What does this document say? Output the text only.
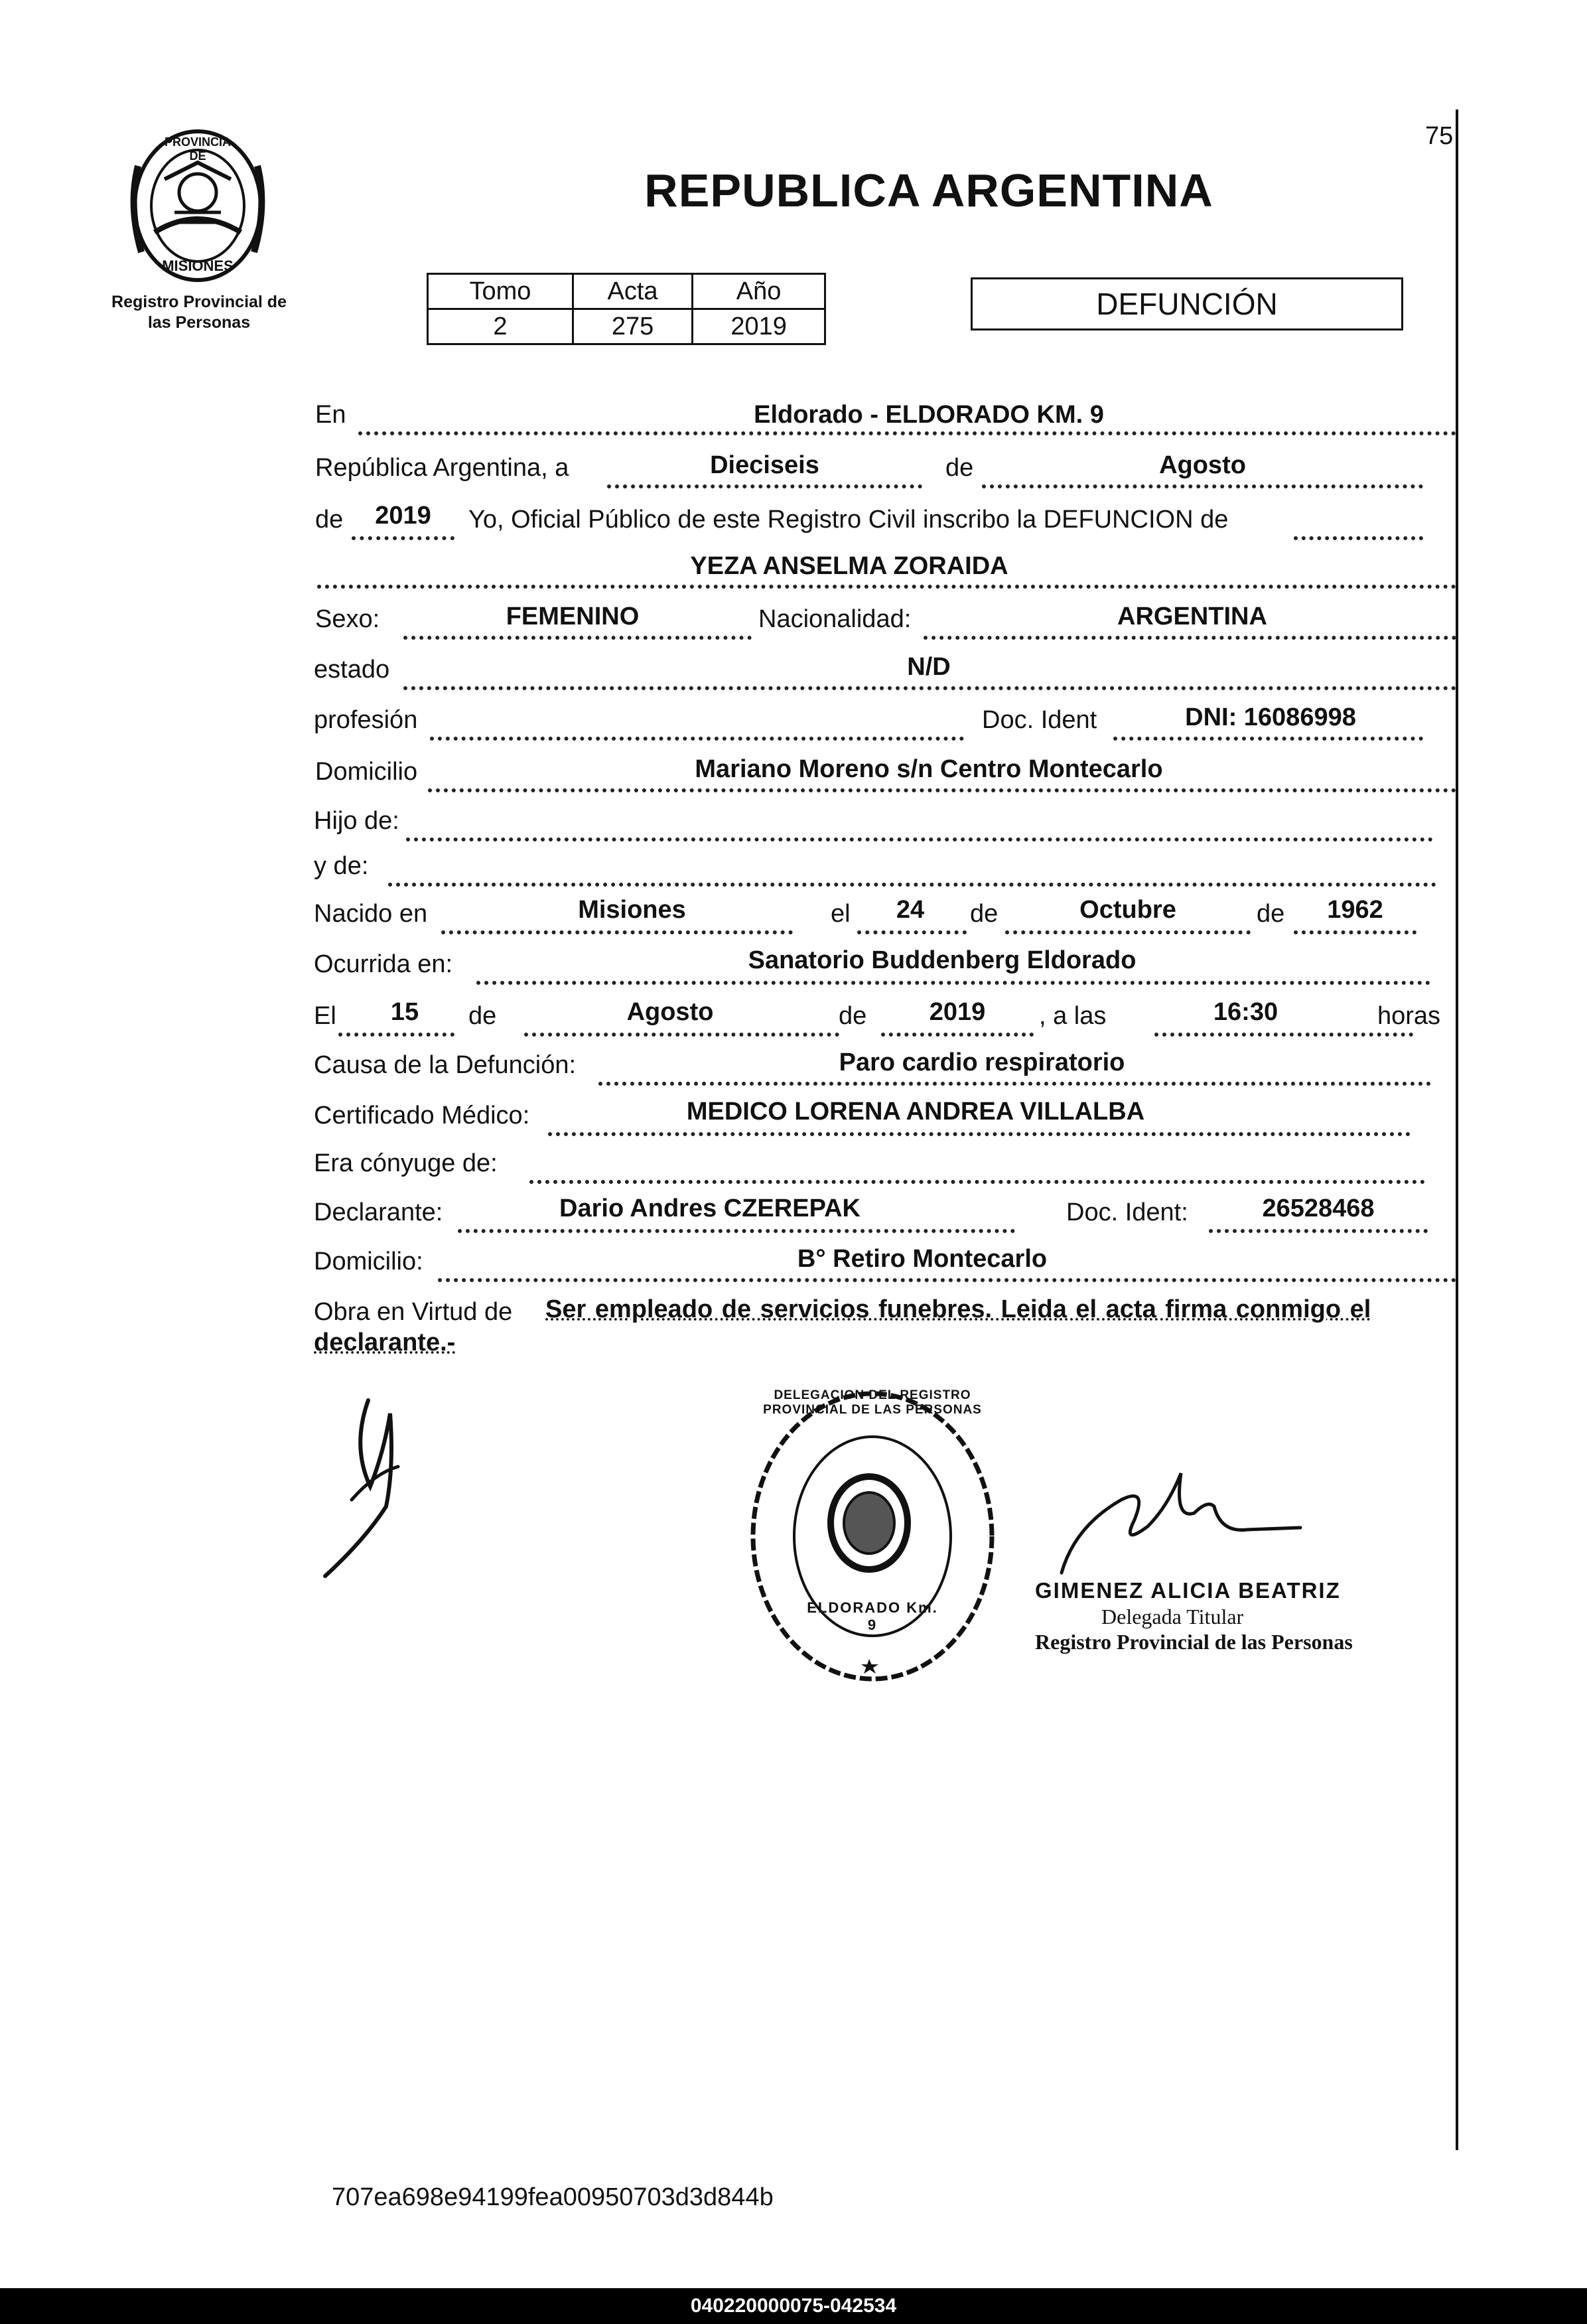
75
PROVINCIA DE
MISIONES
Registro Provincial de
las Personas
REPUBLICA ARGENTINA
Tomo	Acta	Año
2	275	2019
DEFUNCIÓN
En	Eldorado - ELDORADO KM. 9
República Argentina, a	Dieciseis	de	Agosto
de	2019	Yo, Oficial Público de este Registro Civil inscribo la DEFUNCION de
YEZA ANSELMA ZORAIDA
Sexo:	FEMENINO	Nacionalidad:	ARGENTINA
estado	N/D
profesión	Doc. Ident	DNI: 16086998
Domicilio	Mariano Moreno s/n Centro Montecarlo
Hijo de:
y de:
Nacido en	Misiones	el	24	de	Octubre	de	1962
Ocurrida en:	Sanatorio Buddenberg Eldorado
El	15	de	Agosto	de	2019	, a las	16:30	horas
Causa de la Defunción:	Paro cardio respiratorio
Certificado Médico:	MEDICO LORENA ANDREA VILLALBA
Era cónyuge de:
Declarante:	Dario Andres CZEREPAK	Doc. Ident:	26528468
Domicilio:	B° Retiro Montecarlo
Obra en Virtud de Ser empleado de servicios funebres. Leida el acta firma conmigo el
declarante.-
DELEGACION DEL REGISTRO PROVINCIAL DE LAS PERSONAS
ELDORADO Km. 9
GIMENEZ ALICIA BEATRIZ
Delegada Titular
Registro Provincial de las Personas
707ea698e94199fea00950703d3d844b
040220000075-042534
